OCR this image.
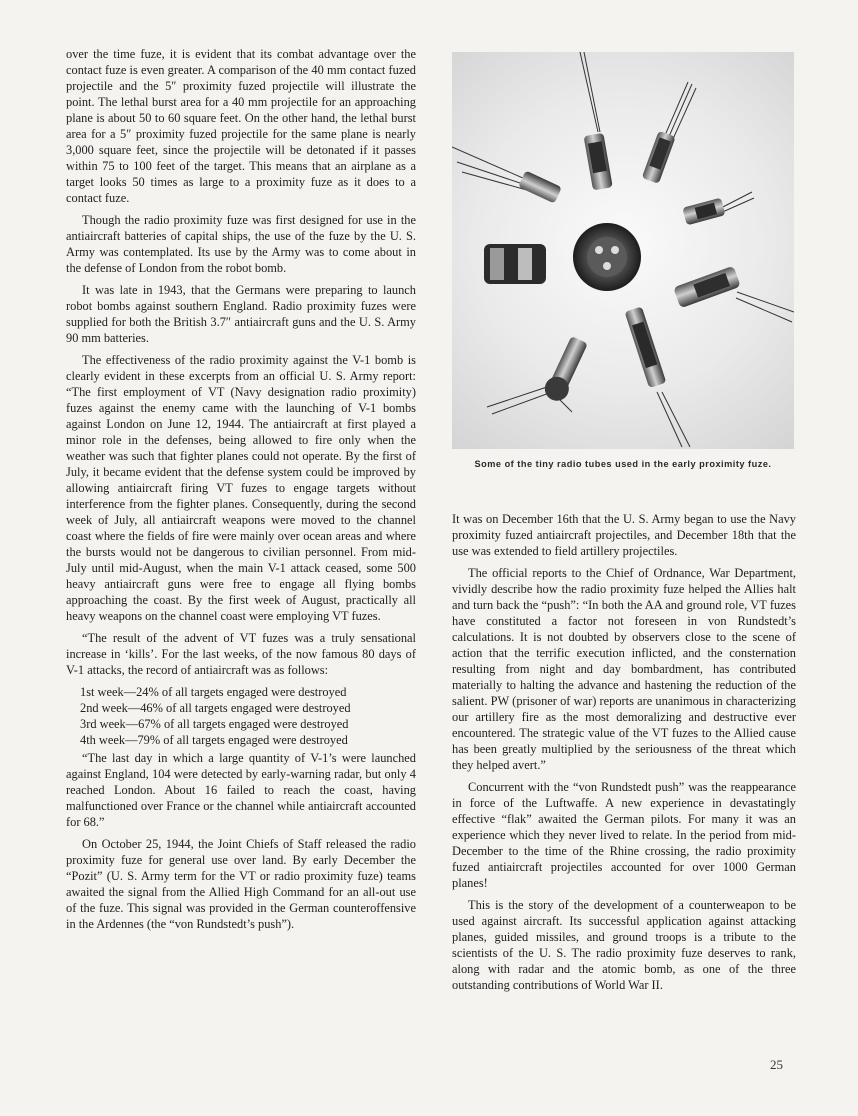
over the time fuze, it is evident that its combat advantage over the contact fuze is even greater. A comparison of the 40 mm contact fuzed projectile and the 5″ proximity fuzed projectile will illustrate the point. The lethal burst area for a 40 mm projectile for an approaching plane is about 50 to 60 square feet. On the other hand, the lethal burst area for a 5″ proximity fuzed projectile for the same plane is nearly 3,000 square feet, since the projectile will be detonated if it passes within 75 to 100 feet of the target. This means that an airplane as a target looks 50 times as large to a proximity fuze as it does to a contact fuze.

Though the radio proximity fuze was first designed for use in the antiaircraft batteries of capital ships, the use of the fuze by the U. S. Army was contemplated. Its use by the Army was to come about in the defense of London from the robot bomb.

It was late in 1943, that the Germans were preparing to launch robot bombs against southern England. Radio proximity fuzes were supplied for both the British 3.7″ antiaircraft guns and the U. S. Army 90 mm batteries.

The effectiveness of the radio proximity against the V-1 bomb is clearly evident in these excerpts from an official U. S. Army report: “The first employment of VT (Navy designation radio proximity) fuzes against the enemy came with the launching of V-1 bombs against London on June 12, 1944. The antiaircraft at first played a minor role in the defenses, being allowed to fire only when the weather was such that fighter planes could not operate. By the first of July, it became evident that the defense system could be improved by allowing antiaircraft firing VT fuzes to engage targets without interference from the fighter planes. Consequently, during the second week of July, all antiaircraft weapons were moved to the channel coast where the fields of fire were mainly over ocean areas and where the bursts would not be dangerous to civilian personnel. From mid-July until mid-August, when the main V-1 attack ceased, some 500 heavy antiaircraft guns were free to engage all flying bombs approaching the coast. By the first week of August, practically all heavy weapons on the channel coast were employing VT fuzes.

“The result of the advent of VT fuzes was a truly sensational increase in ‘kills’. For the last weeks, of the now famous 80 days of V-1 attacks, the record of antiaircraft was as follows:

1st week—24% of all targets engaged were destroyed
2nd week—46% of all targets engaged were destroyed
3rd week—67% of all targets engaged were destroyed
4th week—79% of all targets engaged were destroyed

“The last day in which a large quantity of V-1’s were launched against England, 104 were detected by early-warning radar, but only 4 reached London. About 16 failed to reach the coast, having malfunctioned over France or the channel while antiaircraft accounted for 68.”

On October 25, 1944, the Joint Chiefs of Staff released the radio proximity fuze for general use over land. By early December the “Pozit” (U. S. Army term for the VT or radio proximity fuze) teams awaited the signal from the Allied High Command for an all-out use of the fuze. This signal was provided in the German counteroffensive in the Ardennes (the “von Rundstedt’s push”).

Some of the tiny radio tubes used in the early proximity fuze.

It was on December 16th that the U. S. Army began to use the Navy proximity fuzed antiaircraft projectiles, and December 18th that the use was extended to field artillery projectiles.

The official reports to the Chief of Ordnance, War Department, vividly describe how the radio proximity fuze helped the Allies halt and turn back the “push”: “In both the AA and ground role, VT fuzes have constituted a factor not foreseen in von Rundstedt’s calculations. It is not doubted by observers close to the scene of action that the terrific execution inflicted, and the consternation resulting from night and day bombardment, has contributed materially to halting the advance and hastening the reduction of the salient. PW (prisoner of war) reports are unanimous in characterizing our artillery fire as the most demoralizing and destructive ever encountered. The strategic value of the VT fuzes to the Allied cause has been greatly multiplied by the seriousness of the threat which they helped avert.”

Concurrent with the “von Rundstedt push” was the reappearance in force of the Luftwaffe. A new experience in devastatingly effective “flak” awaited the German pilots. For many it was an experience which they never lived to relate. In the period from mid-December to the time of the Rhine crossing, the radio proximity fuzed antiaircraft projectiles accounted for over 1000 German planes!

This is the story of the development of a counterweapon to be used against aircraft. Its successful application against attacking planes, guided missiles, and ground troops is a tribute to the scientists of the U. S. The radio proximity fuze deserves to rank, along with radar and the atomic bomb, as one of the three outstanding contributions of World War II.

25
